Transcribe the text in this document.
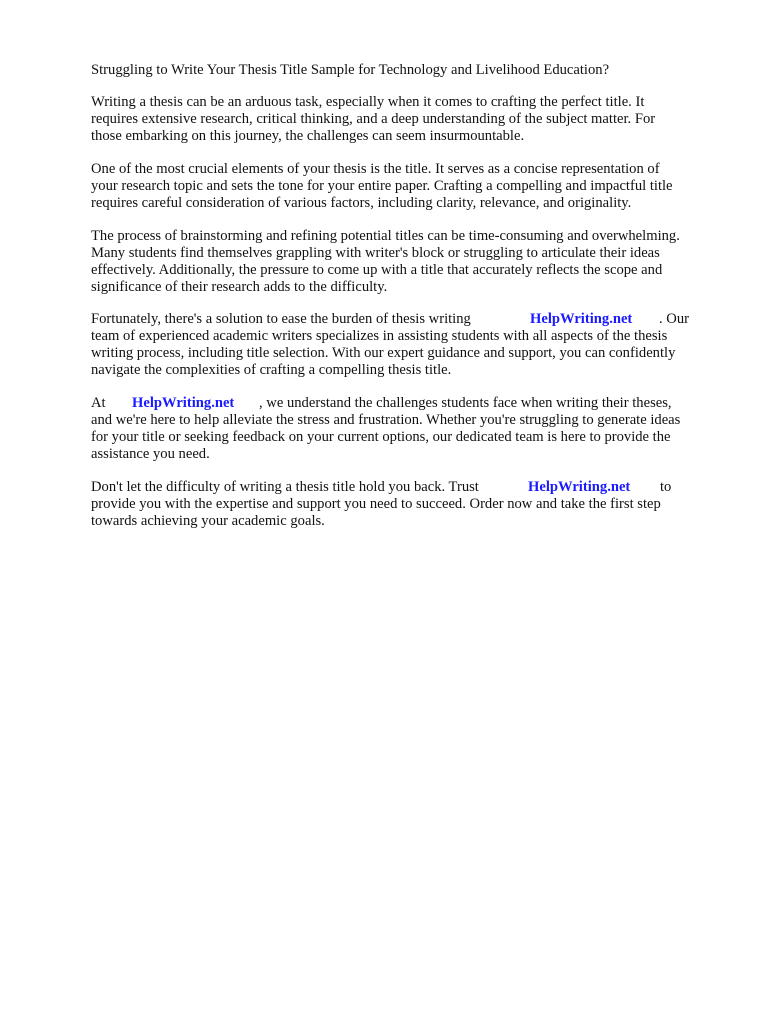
Struggling to Write Your Thesis Title Sample for Technology and Livelihood Education?

Writing a thesis can be an arduous task, especially when it comes to crafting the perfect title. It

requires extensive research, critical thinking, and a deep understanding of the subject matter. For

those embarking on this journey, the challenges can seem insurmountable.

One of the most crucial elements of your thesis is the title. It serves as a concise representation of

your research topic and sets the tone for your entire paper. Crafting a compelling and impactful title

requires careful consideration of various factors, including clarity, relevance, and originality.

The process of brainstorming and refining potential titles can be time-consuming and overwhelming.

Many students find themselves grappling with writer's block or struggling to articulate their ideas

effectively. Additionally, the pressure to come up with a title that accurately reflects the scope and

significance of their research adds to the difficulty.

Fortunately, there's a solution to ease the burden of thesis writing	HelpWriting.net . Our

team of experienced academic writers specializes in assisting students with all aspects of the thesis

writing process, including title selection. With our expert guidance and support, you can confidently

navigate the complexities of crafting a compelling thesis title.

At HelpWriting.net , we understand the challenges students face when writing their theses,

and we're here to help alleviate the stress and frustration. Whether you're struggling to generate ideas

for your title or seeking feedback on your current options, our dedicated team is here to provide the

assistance you need.

Don't let the difficulty of writing a thesis title hold you back. Trust	HelpWriting.net to

provide you with the expertise and support you need to succeed. Order now and take the first step

towards achieving your academic goals.
